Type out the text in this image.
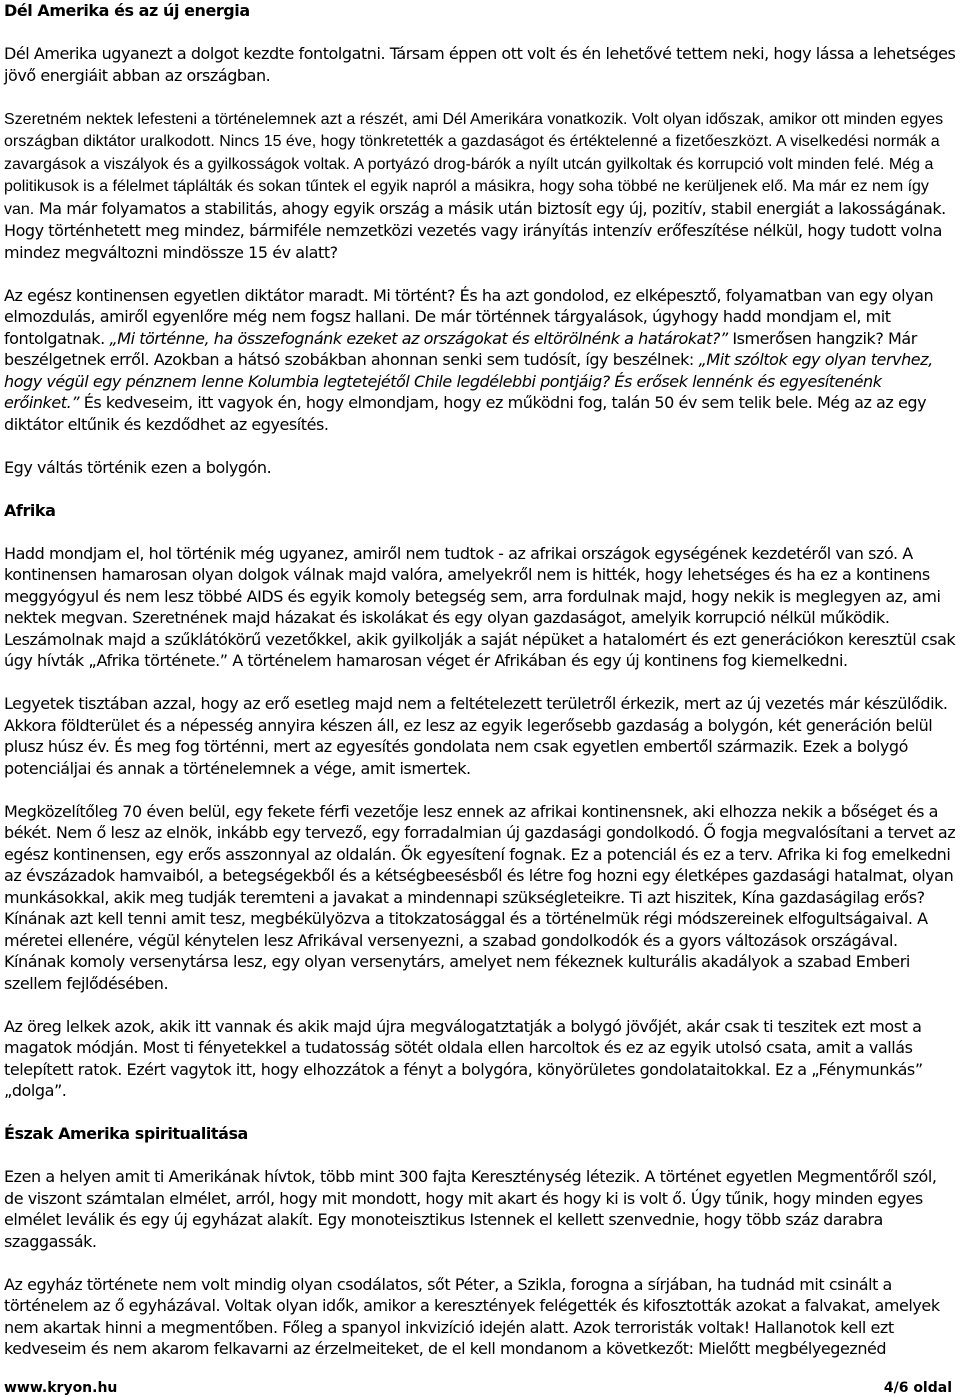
Dél Amerika és az új energia

Dél Amerika ugyanezt a dolgot kezdte fontolgatni. Társam éppen ott volt és én lehetővé tettem neki, hogy lássa a lehetséges jövő energiáit abban az országban.

Szeretném nektek lefesteni a történelemnek azt a részét, ami Dél Amerikára vonatkozik. Volt olyan időszak, amikor ott minden egyes országban diktátor uralkodott. Nincs 15 éve, hogy tönkretették a gazdaságot és értéktelenné a fizetőeszközt. A viselkedési normák a zavargások a viszályok és a gyilkosságok voltak. A portyázó drog-bárók a nyílt utcán gyilkoltak és korrupció volt minden felé. Még a politikusok is a félelmet táplálták és sokan tűntek el egyik napról a másikra, hogy soha többé ne kerüljenek elő. Ma már ez nem így van. Ma már folyamatos a stabilitás, ahogy egyik ország a másik után biztosít egy új, pozitív, stabil energiát a lakosságának. Hogy történhetett meg mindez, bármiféle nemzetközi vezetés vagy irányítás intenzív erőfeszítése nélkül, hogy tudott volna mindez megváltozni mindössze 15 év alatt?

Az egész kontinensen egyetlen diktátor maradt. Mi történt? És ha azt gondolod, ez elképesztő, folyamatban van egy olyan elmozdulás, amiről egyenlőre még nem fogsz hallani. De már történnek tárgyalások, úgyhogy hadd mondjam el, mit fontolgatnak. „Mi történne, ha összefognánk ezeket az országokat és eltörölnénk a határokat?” Ismerősen hangzik? Már beszélgetnek erről. Azokban a hátsó szobákban ahonnan senki sem tudósít, így beszélnek: „Mit szóltok egy olyan tervhez, hogy végül egy pénznem lenne Kolumbia legtetejétől Chile legdélebbi pontjáig? És erősek lennénk és egyesítenénk erőinket.” És kedveseim, itt vagyok én, hogy elmondjam, hogy ez működni fog, talán 50 év sem telik bele. Még az az egy diktátor eltűnik és kezdődhet az egyesítés.

Egy váltás történik ezen a bolygón.

Afrika

Hadd mondjam el, hol történik még ugyanez, amiről nem tudtok - az afrikai országok egységének kezdetéről van szó. A kontinensen hamarosan olyan dolgok válnak majd valóra, amelyekről nem is hitték, hogy lehetséges és ha ez a kontinens meggyógyul és nem lesz többé AIDS és egyik komoly betegség sem, arra fordulnak majd, hogy nekik is meglegyen az, ami nektek megvan. Szeretnének majd házakat és iskolákat és egy olyan gazdaságot, amelyik korrupció nélkül működik. Leszámolnak majd a szűklátókörű vezetőkkel, akik gyilkolják a saját népüket a hatalomért és ezt generációkon keresztül csak úgy hívták „Afrika története.” A történelem hamarosan véget ér Afrikában és egy új kontinens fog kiemelkedni.

Legyetek tisztában azzal, hogy az erő esetleg majd nem a feltételezett területről érkezik, mert az új vezetés már készülődik. Akkora földterület és a népesség annyira készen áll, ez lesz az egyik legerősebb gazdaság a bolygón, két generáción belül plusz húsz év. És meg fog történni, mert az egyesítés gondolata nem csak egyetlen embertől származik. Ezek a bolygó potenciáljai és annak a történelemnek a vége, amit ismertek.

Megközelítőleg 70 éven belül, egy fekete férfi vezetője lesz ennek az afrikai kontinensnek, aki elhozza nekik a bőséget és a békét. Nem ő lesz az elnök, inkább egy tervező, egy forradalmian új gazdasági gondolkodó. Ő fogja megvalósítani a tervet az egész kontinensen, egy erős asszonnyal az oldalán. Ők egyesítení fognak. Ez a potenciál és ez a terv. Afrika ki fog emelkedni az évszázadok hamvaiból, a betegségekből és a kétségbeesésből és létre fog hozni egy életképes gazdasági hatalmat, olyan munkásokkal, akik meg tudják teremteni a javakat a mindennapi szükségleteikre. Ti azt hiszitek, Kína gazdaságilag erős? Kínának azt kell tenni amit tesz, megbékülyözva a titokzatosággal és a történelmük régi módszereinek elfogultságaival. A méretei ellenére, végül kénytelen lesz Afrikával versenyezni, a szabad gondolkodók és a gyors változások országával. Kínának komoly versenytársa lesz, egy olyan versenytárs, amelyet nem fékeznek kulturális akadályok a szabad Emberi szellem fejlődésében.

Az öreg lelkek azok, akik itt vannak és akik majd újra megválogatztatják a bolygó jövőjét, akár csak ti teszitek ezt most a magatok módján. Most ti fényetekkel a tudatosság sötét oldala ellen harcoltok és ez az egyik utolsó csata, amit a vallás telepített ratok. Ezért vagytok itt, hogy elhozzátok a fényt a bolygóra, könyörületes gondolataitokkal. Ez a „Fénymunkás” „dolga”.

Észak Amerika spiritualitása

Ezen a helyen amit ti Amerikának hívtok, több mint 300 fajta Kereszténység létezik. A történet egyetlen Megmentőről szól, de viszont számtalan elmélet, arról, hogy mit mondott, hogy mit akart és hogy ki is volt ő. Úgy tűnik, hogy minden egyes elmélet leválik és egy új egyházat alakít. Egy monoteisztikus Istennek el kellett szenvednie, hogy több száz darabra szaggassák.

Az egyház története nem volt mindig olyan csodálatos, sőt Péter, a Szikla, forogna a sírjában, ha tudnád mit csinált a történelem az ő egyházával. Voltak olyan idők, amikor a keresztények felégették és kifosztották azokat a falvakat, amelyek nem akartak hinni a megmentőben. Főleg a spanyol inkvizíció idején alatt. Azok terroristák voltak! Hallanotok kell ezt kedveseim és nem akarom felkavarni az érzelmeiteket, de el kell mondanom a következőt: Mielőtt megbélyegeznéd

www.kryon.hu	4/6 oldal
